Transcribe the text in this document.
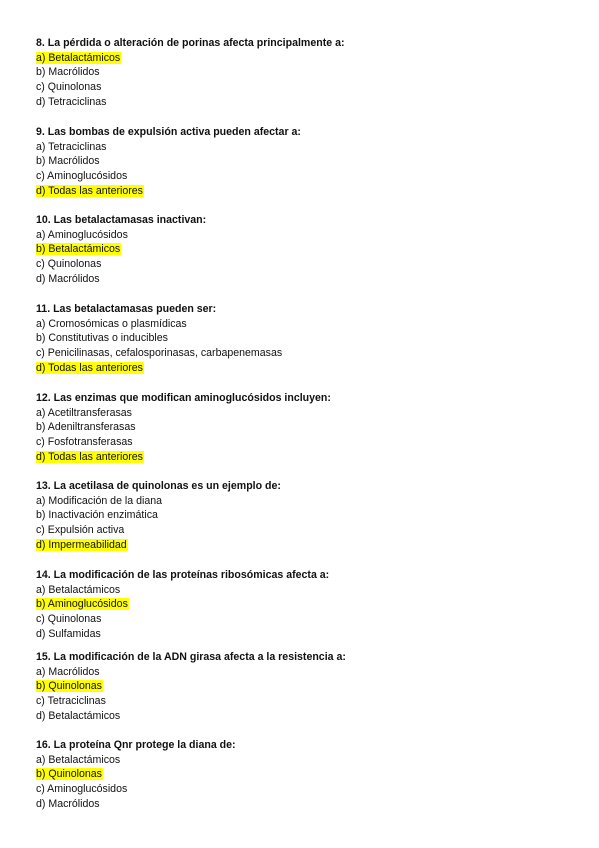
8. La pérdida o alteración de porinas afecta principalmente a:
a) Betalactámicos
b) Macrólidos
c) Quinolonas
d) Tetraciclinas
9. Las bombas de expulsión activa pueden afectar a:
a) Tetraciclinas
b) Macrólidos
c) Aminoglucósidos
d) Todas las anteriores
10. Las betalactamasas inactivan:
a) Aminoglucósidos
b) Betalactámicos
c) Quinolonas
d) Macrólidos
11. Las betalactamasas pueden ser:
a) Cromosómicas o plasmídicas
b) Constitutivas o inducibles
c) Penicilinasas, cefalosporinasas, carbapenemasas
d) Todas las anteriores
12. Las enzimas que modifican aminoglucósidos incluyen:
a) Acetiltransferasas
b) Adeniltransferasas
c) Fosfotransferasas
d) Todas las anteriores
13. La acetilasa de quinolonas es un ejemplo de:
a) Modificación de la diana
b) Inactivación enzimática
c) Expulsión activa
d) Impermeabilidad
14. La modificación de las proteínas ribosómicas afecta a:
a) Betalactámicos
b) Aminoglucósidos
c) Quinolonas
d) Sulfamidas
15. La modificación de la ADN girasa afecta a la resistencia a:
a) Macrólidos
b) Quinolonas
c) Tetraciclinas
d) Betalactámicos
16. La proteína Qnr protege la diana de:
a) Betalactámicos
b) Quinolonas
c) Aminoglucósidos
d) Macrólidos
